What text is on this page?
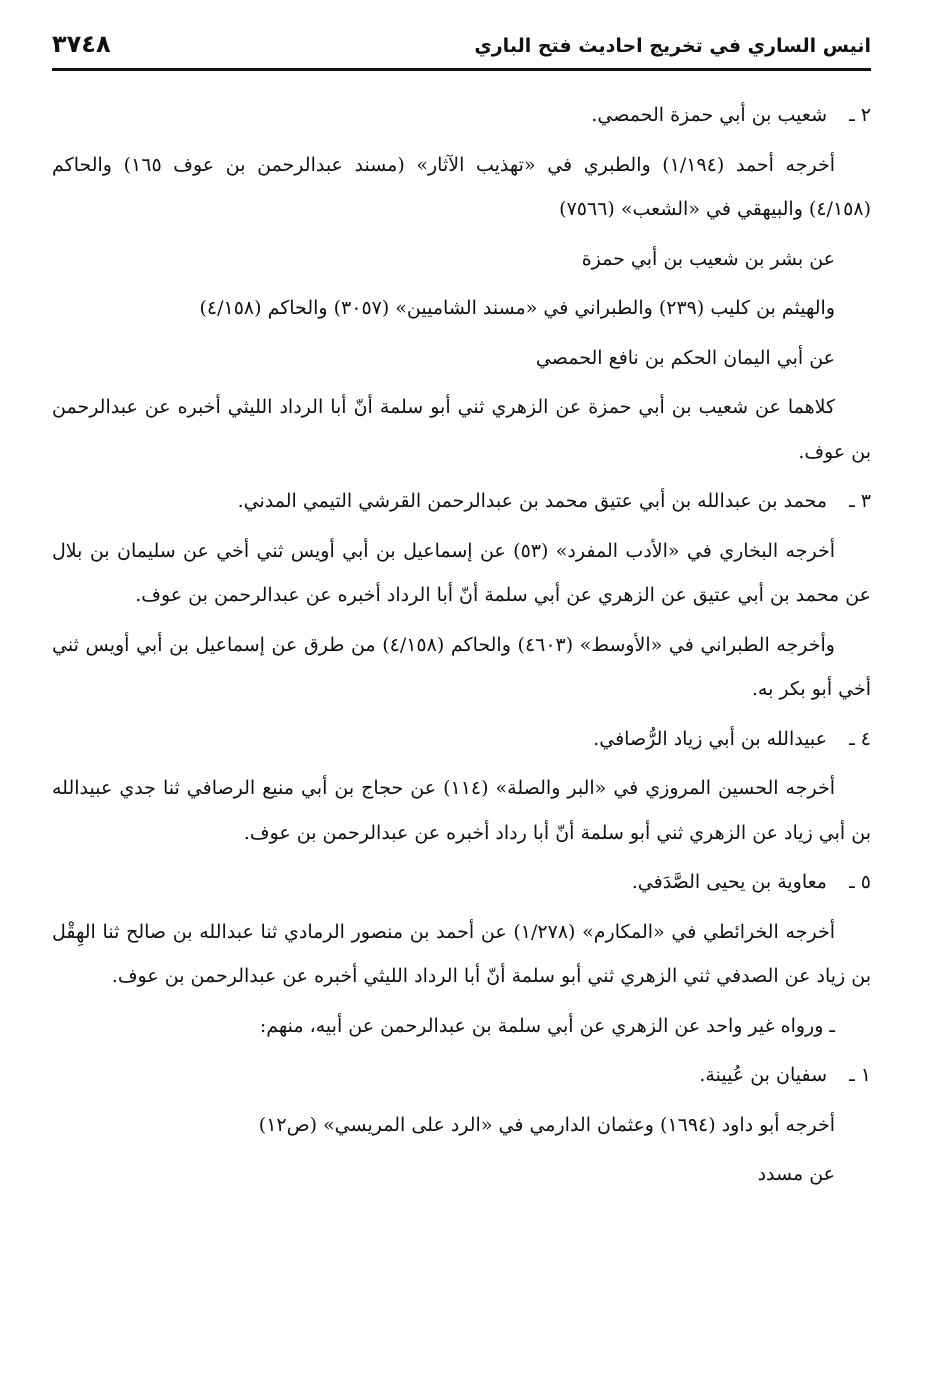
انيس الساري في تخريج احاديث فتح الباري
٣٧٤٨
٢ ـ
شعيب بن أبي حمزة الحمصي.

أخرجه أحمد (١/١٩٤) والطبري في «تهذيب الآثار» (مسند عبدالرحمن بن عوف ١٦٥) والحاكم (٤/١٥٨) والبيهقي في «الشعب» (٧٥٦٦)

عن بشر بن شعيب بن أبي حمزة

والهيثم بن كليب (٢٣٩) والطبراني في «مسند الشاميين» (٣٠٥٧) والحاكم (٤/١٥٨)

عن أبي اليمان الحكم بن نافع الحمصي

كلاهما عن شعيب بن أبي حمزة عن الزهري ثني أبو سلمة أنّ أبا الرداد الليثي أخبره عن عبدالرحمن بن عوف.

٣ ـ
محمد بن عبدالله بن أبي عتيق محمد بن عبدالرحمن القرشي التيمي المدني.

أخرجه البخاري في «الأدب المفرد» (٥٣) عن إسماعيل بن أبي أويس ثني أخي عن سليمان بن بلال عن محمد بن أبي عتيق عن الزهري عن أبي سلمة أنّ أبا الرداد أخبره عن عبدالرحمن بن عوف.

وأخرجه الطبراني في «الأوسط» (٤٦٠٣) والحاكم (٤/١٥٨) من طرق عن إسماعيل بن أبي أويس ثني أخي أبو بكر به.

٤ ـ
عبيدالله بن أبي زياد الرُّصافي.

أخرجه الحسين المروزي في «البر والصلة» (١١٤) عن حجاج بن أبي منيع الرصافي ثنا جدي عبيدالله بن أبي زياد عن الزهري ثني أبو سلمة أنّ أبا رداد أخبره عن عبدالرحمن بن عوف.

٥ ـ
معاوية بن يحيى الصَّدَفي.

أخرجه الخرائطي في «المكارم» (١/٢٧٨) عن أحمد بن منصور الرمادي ثنا عبدالله بن صالح ثنا الهِقْل بن زياد عن الصدفي ثني الزهري ثني أبو سلمة أنّ أبا الرداد الليثي أخبره عن عبدالرحمن بن عوف.

ـ ورواه غير واحد عن الزهري عن أبي سلمة بن عبدالرحمن عن أبيه، منهم:

١ ـ
سفيان بن عُيينة.

أخرجه أبو داود (١٦٩٤) وعثمان الدارمي في «الرد على المريسي» (ص١٢)

عن مسدد
